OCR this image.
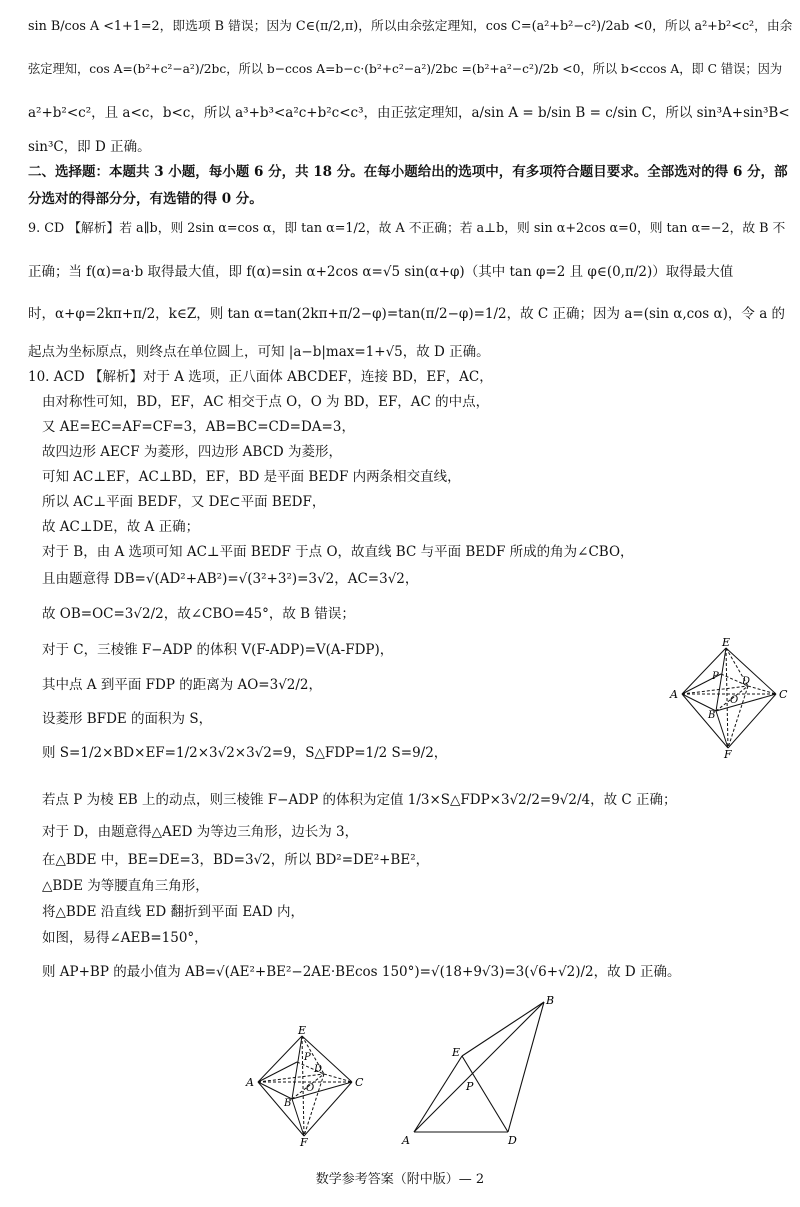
sin B/cos A <1+1=2，即选项 B 错误；因为 C∈(π/2,π)，所以由余弦定理知，cos C=(a²+b²−c²)/2ab <0，所以 a²+b²<c²，由余
弦定理知，cos A=(b²+c²−a²)/2bc，所以 b−ccos A=b−c·(b²+c²−a²)/2bc =(b²+a²−c²)/2b <0，所以 b<ccos A，即 C 错误；因为
a²+b²<c²，且 a<c，b<c，所以 a³+b³<a²c+b²c<c³，由正弦定理知，a/sin A = b/sin B = c/sin C，所以 sin³A+sin³B<
sin³C，即 D 正确。
二、选择题：本题共 3 小题，每小题 6 分，共 18 分。在每小题给出的选项中，有多项符合题目要求。全部选对的得 6 分，部
分选对的得部分分，有选错的得 0 分。
9. CD 【解析】若 a∥b，则 2sin α=cos α，即 tan α=1/2，故 A 不正确；若 a⊥b，则 sin α+2cos α=0，则 tan α=−2，故 B 不
正确；当 f(α)=a·b 取得最大值，即 f(α)=sin α+2cos α=√5 sin(α+φ)（其中 tan φ=2 且 φ∈(0,π/2)）取得最大值
时，α+φ=2kπ+π/2，k∈Z，则 tan α=tan(2kπ+π/2−φ)=tan(π/2−φ)=1/2，故 C 正确；因为 a=(sin α,cos α)，令 a 的
起点为坐标原点，则终点在单位圆上，可知 |a−b|max=1+√5，故 D 正确。
10. ACD 【解析】对于 A 选项，正八面体 ABCDEF，连接 BD，EF，AC，
由对称性可知，BD，EF，AC 相交于点 O，O 为 BD，EF，AC 的中点，
又 AE=EC=AF=CF=3，AB=BC=CD=DA=3，
故四边形 AECF 为菱形，四边形 ABCD 为菱形，
可知 AC⊥EF，AC⊥BD，EF，BD 是平面 BEDF 内两条相交直线，
所以 AC⊥平面 BEDF，又 DE⊂平面 BEDF，
故 AC⊥DE，故 A 正确；
对于 B，由 A 选项可知 AC⊥平面 BEDF 于点 O，故直线 BC 与平面 BEDF 所成的角为∠CBO，
且由题意得 DB=√(AD²+AB²)=√(3²+3²)=3√2，AC=3√2，
故 OB=OC=3√2/2，故∠CBO=45°，故 B 错误；
对于 C，三棱锥 F−ADP 的体积 V(F-ADP)=V(A-FDP)，
其中点 A 到平面 FDP 的距离为 AO=3√2/2，
设菱形 BFDE 的面积为 S，
则 S=1/2×BD×EF=1/2×3√2×3√2=9，S△FDP=1/2 S=9/2，
若点 P 为棱 EB 上的动点，则三棱锥 F−ADP 的体积为定值 1/3×S△FDP×3√2/2=9√2/4，故 C 正确；
对于 D，由题意得△AED 为等边三角形，边长为 3，
在△BDE 中，BE=DE=3，BD=3√2，所以 BD²=DE²+BE²，
△BDE 为等腰直角三角形，
将△BDE 沿直线 ED 翻折到平面 EAD 内，
如图，易得∠AEB=150°，
则 AP+BP 的最小值为 AB=√(AE²+BE²−2AE·BEcos 150°)=√(18+9√3)=3(√6+√2)/2，故 D 正确。
E
A	C
P D
O
B
F
E
A	C
P
D
O
B
F
E
B
P
A	D
数学参考答案（附中版）— 2
